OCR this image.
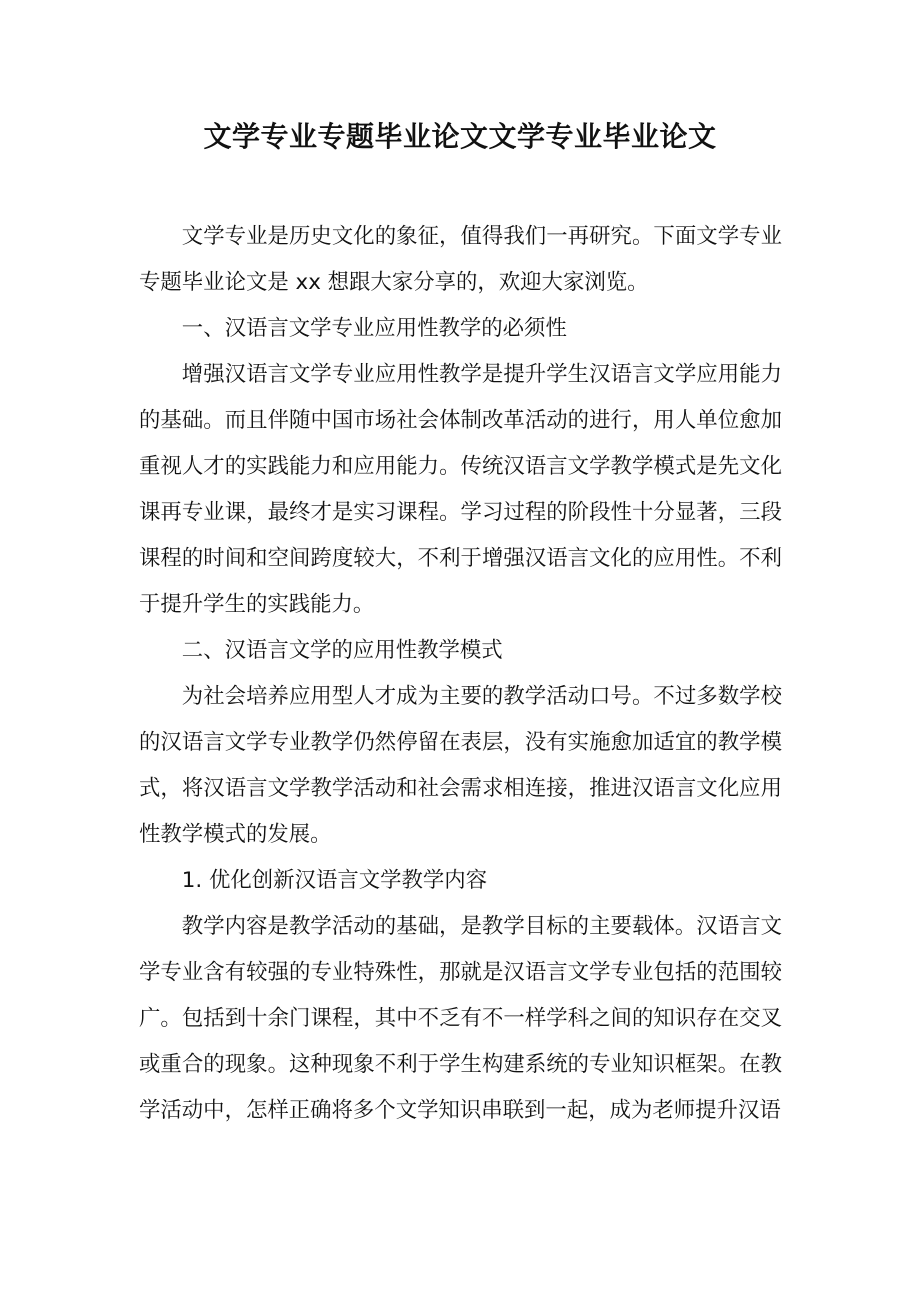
文学专业专题毕业论文文学专业毕业论文

文学专业是历史文化的象征，值得我们一再研究。下面文学专业专题毕业论文是 xx 想跟大家分享的，欢迎大家浏览。

一、汉语言文学专业应用性教学的必须性

增强汉语言文学专业应用性教学是提升学生汉语言文学应用能力的基础。而且伴随中国市场社会体制改革活动的进行，用人单位愈加重视人才的实践能力和应用能力。传统汉语言文学教学模式是先文化课再专业课，最终才是实习课程。学习过程的阶段性十分显著，三段课程的时间和空间跨度较大，不利于增强汉语言文化的应用性。不利于提升学生的实践能力。

二、汉语言文学的应用性教学模式

为社会培养应用型人才成为主要的教学活动口号。不过多数学校的汉语言文学专业教学仍然停留在表层，没有实施愈加适宜的教学模式，将汉语言文学教学活动和社会需求相连接，推进汉语言文化应用性教学模式的发展。

1. 优化创新汉语言文学教学内容

教学内容是教学活动的基础，是教学目标的主要载体。汉语言文学专业含有较强的专业特殊性，那就是汉语言文学专业包括的范围较广。包括到十余门课程，其中不乏有不一样学科之间的知识存在交叉或重合的现象。这种现象不利于学生构建系统的专业知识框架。在教学活动中，怎样正确将多个文学知识串联到一起，成为老师提升汉语
